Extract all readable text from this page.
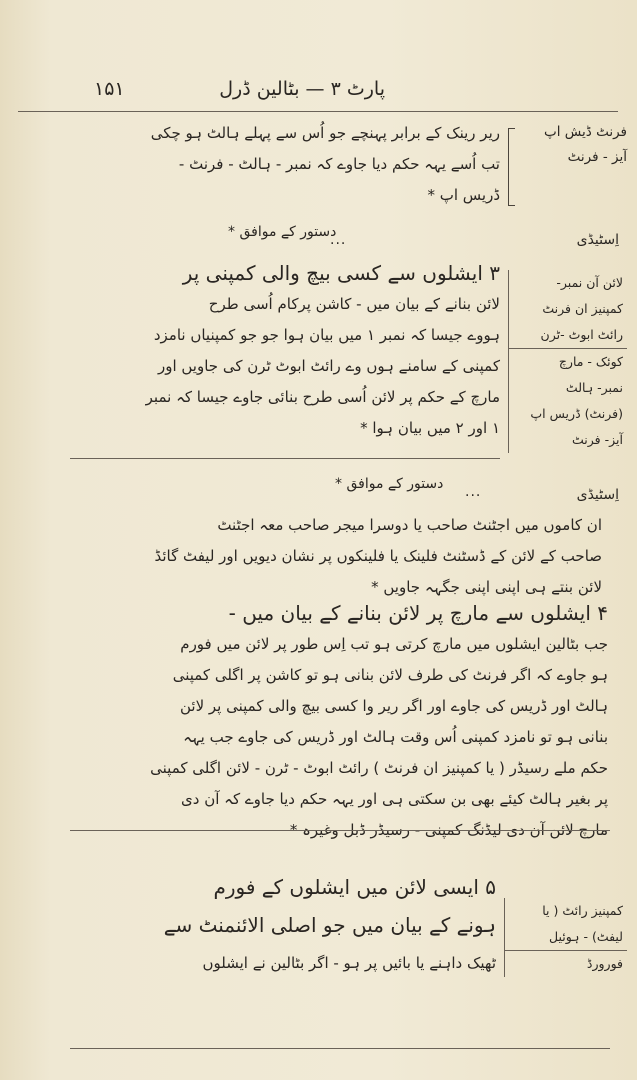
۱۵۱	پارٹ ۳ — بٹالین ڈرل
فرنٹ ڈیش اپ
آیز - فرنٹ
ریر رینک کے برابر پہنچے جو اُس سے پہلے ہالٹ ہو چکی
تب اُسے یہہ حکم دیا جاوے کہ نمبر - ہالٹ - فرنٹ -
ڈریس اپ *
اِسٹیڈی
...
دستور کے موافق *
لائن آن نمبر-
کمپنیز ان فرنٹ
رائٹ ابوٹ -ٹرن
کوئک - مارچ
نمبر- ہالٹ
(فرنٹ) ڈریس اپ
آیز- فرنٹ
۳ ایشلوں سے کسی بیچ والی کمپنی پر
لائن بنانے کے بیان میں - کاشن پرکام اُسی طرح
ہووے جیسا کہ نمبر ۱ میں بیان ہوا جو جو کمپنیاں نامزد
کمپنی کے سامنے ہوں وے رائٹ ابوٹ ٹرن کی جاویں اور
مارچ کے حکم پر لائن اُسی طرح بنائی جاوے جیسا کہ نمبر
۱ اور ۲ میں بیان ہوا *
اِسٹیڈی
...
دستور کے موافق *
ان کاموں میں اجٹنٹ صاحب یا دوسرا میجر صاحب معہ اجٹنٹ
صاحب کے لائن کے ڈسٹنٹ فلینک یا فلینکوں پر نشان دیویں اور لیفٹ گائڈ
لائن بنتے ہی اپنی اپنی جگہہ جاویں *
۴ ایشلوں سے مارچ پر لائن بنانے کے بیان میں -
جب بٹالین ایشلوں میں مارچ کرتی ہو تب اِس طور پر لائن میں فورم
ہو جاوے کہ اگر فرنٹ کی طرف لائن بنانی ہو تو کاشن پر اگلی کمپنی
ہالٹ اور ڈریس کی جاوے اور اگر ریر وا کسی بیچ والی کمپنی پر لائن
بنانی ہو تو نامزد کمپنی اُس وقت ہالٹ اور ڈریس کی جاوے جب یہہ
حکم ملے رسیڈر ( یا کمپنیز ان فرنٹ ) رائٹ ابوٹ - ٹرن - لائن اگلی کمپنی
پر بغیر ہالٹ کیئے بھی بن سکتی ہی اور یہہ حکم دیا جاوے کہ آن دی
مارچ لائن آن دی لیڈنگ کمپنی - رسیڈر ڈبل وغیرہ *
کمپنیز رائٹ ( یا
لیفٹ) - ہوئیل
فورورڈ
۵ ایسی لائن میں ایشلوں کے فورم
ہونے کے بیان میں جو اصلی الائنمنٹ سے
ٹھیک داہنے یا بائیں پر ہو - اگر بٹالین نے ایشلوں
